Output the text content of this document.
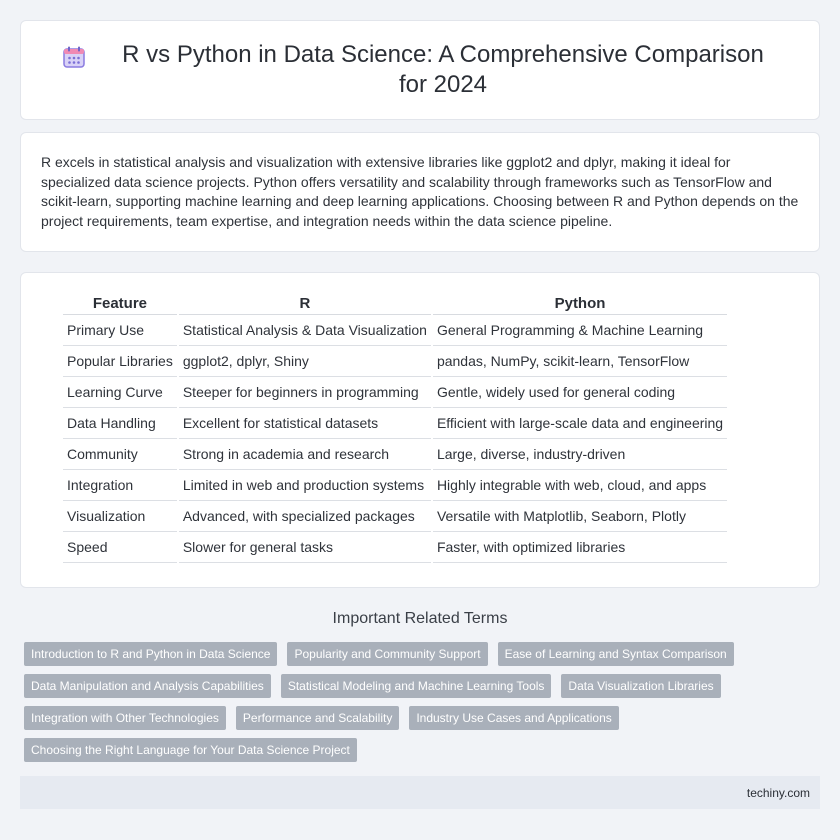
R vs Python in Data Science: A Comprehensive Comparison for 2024

R excels in statistical analysis and visualization with extensive libraries like ggplot2 and dplyr, making it ideal for specialized data science projects. Python offers versatility and scalability through frameworks such as TensorFlow and scikit-learn, supporting machine learning and deep learning applications. Choosing between R and Python depends on the project requirements, team expertise, and integration needs within the data science pipeline.

Feature	R	Python
Primary Use	Statistical Analysis & Data Visualization	General Programming & Machine Learning
Popular Libraries	ggplot2, dplyr, Shiny	pandas, NumPy, scikit-learn, TensorFlow
Learning Curve	Steeper for beginners in programming	Gentle, widely used for general coding
Data Handling	Excellent for statistical datasets	Efficient with large-scale data and engineering
Community	Strong in academia and research	Large, diverse, industry-driven
Integration	Limited in web and production systems	Highly integrable with web, cloud, and apps
Visualization	Advanced, with specialized packages	Versatile with Matplotlib, Seaborn, Plotly
Speed	Slower for general tasks	Faster, with optimized libraries
Important Related Terms
Introduction to R and Python in Data Science	Popularity and Community Support	Ease of Learning and Syntax Comparison
Data Manipulation and Analysis Capabilities	Statistical Modeling and Machine Learning Tools	Data Visualization Libraries
Integration with Other Technologies	Performance and Scalability	Industry Use Cases and Applications
Choosing the Right Language for Your Data Science Project
techiny.com
